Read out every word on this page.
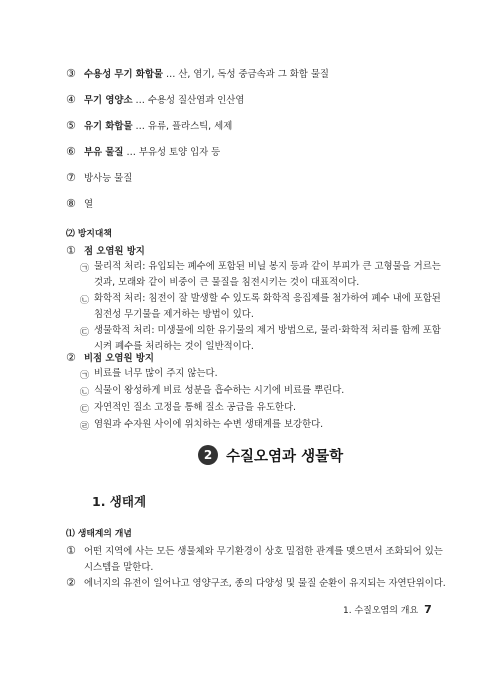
③ 수용성 무기 화합물 … 산, 염기, 독성 중금속과 그 화합 물질
④ 무기 영양소 … 수용성 질산염과 인산염
⑤ 유기 화합물 … 유류, 플라스틱, 세제
⑥ 부유 물질 … 부유성 토양 입자 등
⑦ 방사능 물질
⑧ 열
⑵ 방지대책
① 점 오염원 방지
㉠ 물리적 처리: 유입되는 폐수에 포함된 비닐 봉지 등과 같이 부피가 큰 고형물을 거르는
것과, 모래와 같이 비중이 큰 물질을 침전시키는 것이 대표적이다.
㉡ 화학적 처리: 침전이 잘 발생할 수 있도록 화학적 응집제를 첨가하여 폐수 내에 포함된
침전성 무기물을 제거하는 방법이 있다.
㉢ 생물학적 처리: 미생물에 의한 유기물의 제거 방법으로, 물리·화학적 처리를 함께 포함
시켜 폐수를 처리하는 것이 일반적이다.
② 비점 오염원 방지
㉠ 비료를 너무 많이 주지 않는다.
㉡ 식물이 왕성하게 비료 성분을 흡수하는 시기에 비료를 뿌린다.
㉢ 자연적인 질소 고정을 통해 질소 공급을 유도한다.
㉣ 염원과 수자원 사이에 위치하는 수변 생태계를 보강한다.
2 수질오염과 생물학
1. 생태계
⑴ 생태계의 개념
① 어떤 지역에 사는 모든 생물체와 무기환경이 상호 밀접한 관계를 맺으면서 조화되어 있는
시스템을 말한다.
② 에너지의 유전이 일어나고 영양구조, 종의 다양성 및 물질 순환이 유지되는 자연단위이다.
1. 수질오염의 개요 7
